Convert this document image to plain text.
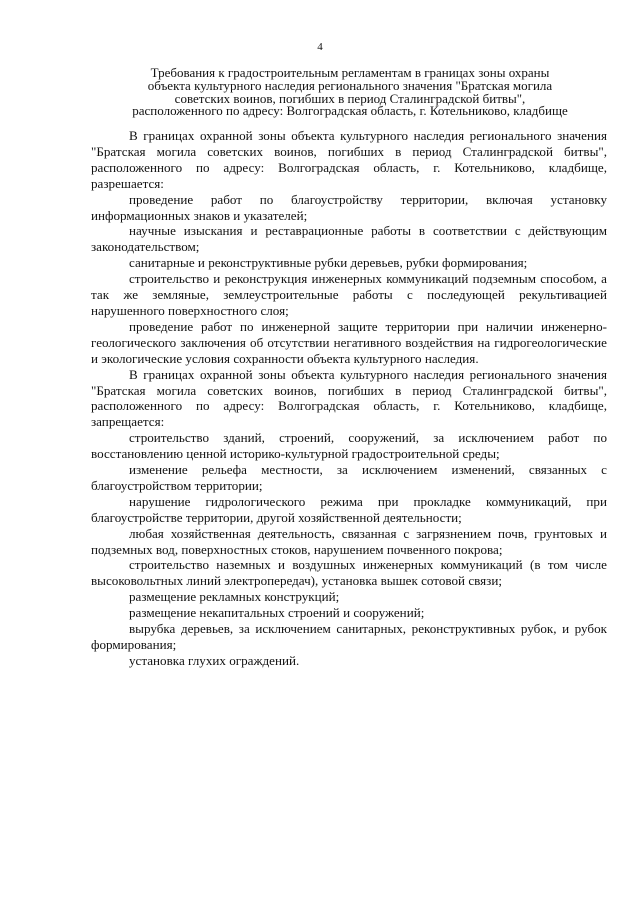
4
Требования к градостроительным регламентам в границах зоны охраны
объекта культурного наследия регионального значения "Братская могила
советских воинов, погибших в период Сталинградской битвы",
расположенного по адресу: Волгоградская область, г. Котельниково, кладбище

В границах охранной зоны объекта культурного наследия регионального значения "Братская могила советских воинов, погибших в период Сталинградской битвы", расположенного по адресу: Волгоградская область, г. Котельниково, кладбище, разрешается:

проведение работ по благоустройству территории, включая установку информационных знаков и указателей;

научные изыскания и реставрационные работы в соответствии с действующим законодательством;

санитарные и реконструктивные рубки деревьев, рубки формирования;

строительство и реконструкция инженерных коммуникаций подземным способом, а так же земляные, землеустроительные работы с последующей рекультивацией нарушенного поверхностного слоя;

проведение работ по инженерной защите территории при наличии инженерно-геологического заключения об отсутствии негативного воздействия на гидрогеологические и экологические условия сохранности объекта культурного наследия.

В границах охранной зоны объекта культурного наследия регионального значения "Братская могила советских воинов, погибших в период Сталинградской битвы", расположенного по адресу: Волгоградская область, г. Котельниково, кладбище, запрещается:

строительство зданий, строений, сооружений, за исключением работ по восстановлению ценной историко-культурной градостроительной среды;

изменение рельефа местности, за исключением изменений, связанных с благоустройством территории;

нарушение гидрологического режима при прокладке коммуникаций, при благоустройстве территории, другой хозяйственной деятельности;

любая хозяйственная деятельность, связанная с загрязнением почв, грунтовых и подземных вод, поверхностных стоков, нарушением почвенного покрова;

строительство наземных и воздушных инженерных коммуникаций (в том числе высоковольтных линий электропередач), установка вышек сотовой связи;

размещение рекламных конструкций;

размещение некапитальных строений и сооружений;

вырубка деревьев, за исключением санитарных, реконструктивных рубок, и рубок формирования;

установка глухих ограждений.
